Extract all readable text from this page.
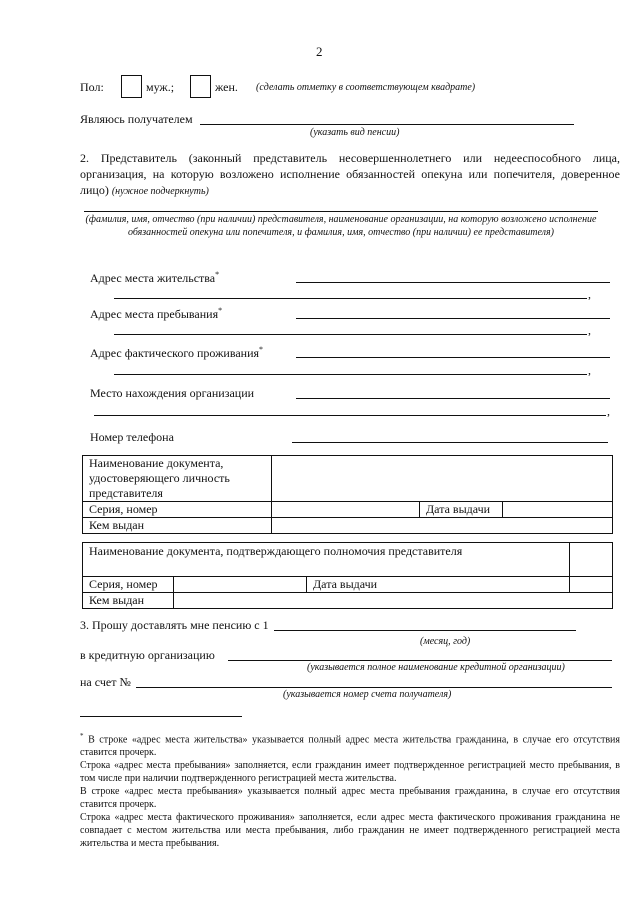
2
Пол:	муж.;	жен. (сделать отметку в соответствующем квадрате)
Являюсь получателем
(указать вид пенсии)
2. Представитель (законный представитель несовершеннолетнего или недееспособного лица, организация, на которую возложено исполнение обязанностей опекуна или попечителя, доверенное лицо) (нужное подчеркнуть)
(фамилия, имя, отчество (при наличии) представителя, наименование организации, на которую возложено исполнение обязанностей опекуна или попечителя, и фамилия, имя, отчество (при наличии) ее представителя)
Адрес места жительства*
,
Адрес места пребывания*
,
Адрес фактического проживания*
,
Место нахождения организации
,
Номер телефона
Наименование документа, удостоверяющего личность представителя			
Серия, номер		Дата выдачи	
Кем выдан			
Наименование документа, подтверждающего полномочия представителя			
Серия, номер		Дата выдачи	
Кем выдан			
3. Прошу доставлять мне пенсию с 1
(месяц, год)
в кредитную организацию
(указывается полное наименование кредитной организации)
на счет №
(указывается номер счета получателя)

* В строке «адрес места жительства» указывается полный адрес места жительства гражданина, в случае его отсутствия ставится прочерк.

Строка «адрес места пребывания» заполняется, если гражданин имеет подтвержденное регистрацией место пребывания, в том числе при наличии подтвержденного регистрацией места жительства.

В строке «адрес места пребывания» указывается полный адрес места пребывания гражданина, в случае его отсутствия ставится прочерк.

Строка «адрес места фактического проживания» заполняется, если адрес места фактического проживания гражданина не совпадает с местом жительства или места пребывания, либо гражданин не имеет подтвержденного регистрацией места жительства и места пребывания.
